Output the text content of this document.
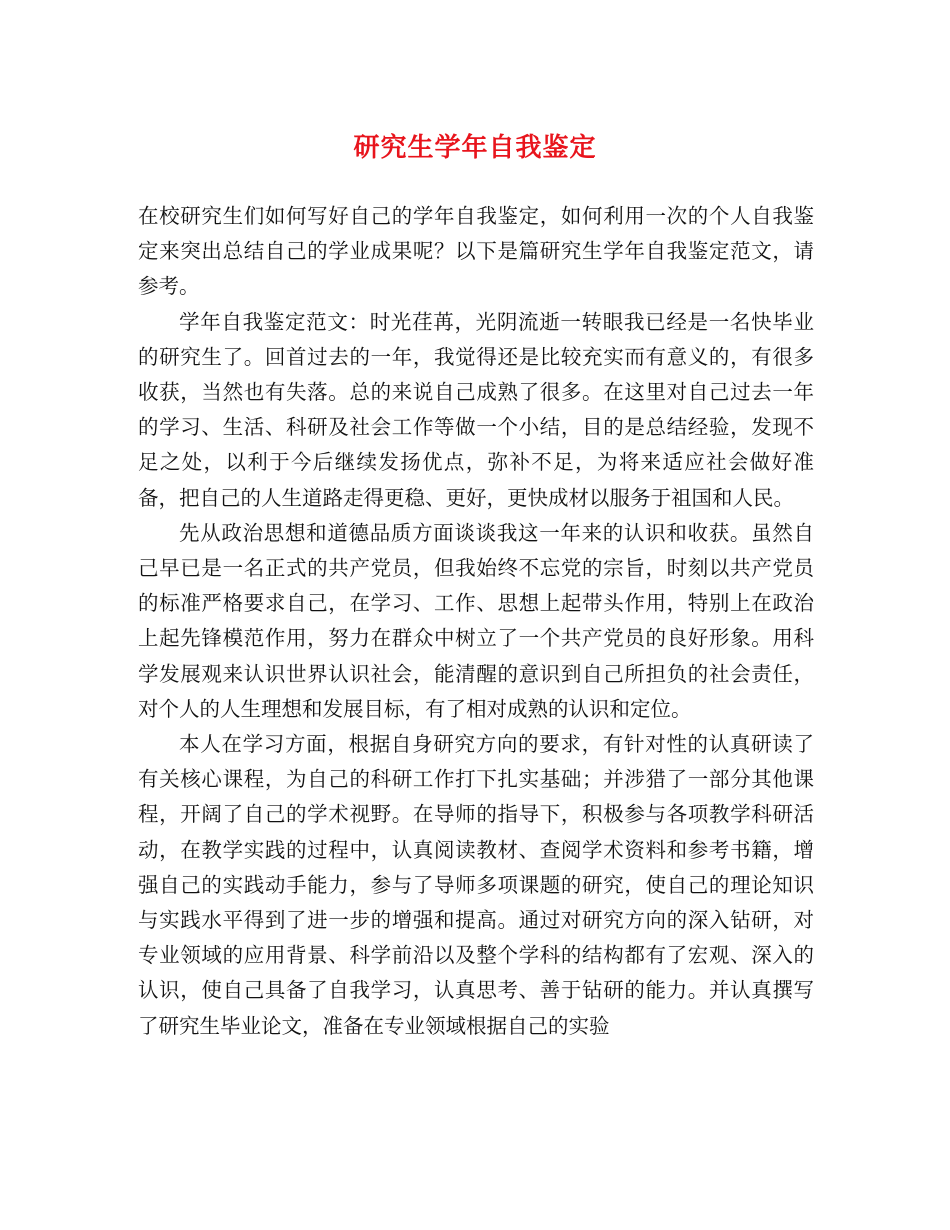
研究生学年自我鉴定

在校研究生们如何写好自己的学年自我鉴定，如何利用一次的个人自我鉴定来突出总结自己的学业成果呢？以下是篇研究生学年自我鉴定范文，请参考。

学年自我鉴定范文：时光荏苒，光阴流逝一转眼我已经是一名快毕业的研究生了。回首过去的一年，我觉得还是比较充实而有意义的，有很多收获，当然也有失落。总的来说自己成熟了很多。在这里对自己过去一年的学习、生活、科研及社会工作等做一个小结，目的是总结经验，发现不足之处，以利于今后继续发扬优点，弥补不足，为将来适应社会做好准备，把自己的人生道路走得更稳、更好，更快成材以服务于祖国和人民。

先从政治思想和道德品质方面谈谈我这一年来的认识和收获。虽然自己早已是一名正式的共产党员，但我始终不忘党的宗旨，时刻以共产党员的标准严格要求自己，在学习、工作、思想上起带头作用，特别上在政治上起先锋模范作用，努力在群众中树立了一个共产党员的良好形象。用科学发展观来认识世界认识社会，能清醒的意识到自己所担负的社会责任，对个人的人生理想和发展目标，有了相对成熟的认识和定位。

本人在学习方面，根据自身研究方向的要求，有针对性的认真研读了有关核心课程，为自己的科研工作打下扎实基础；并涉猎了一部分其他课程，开阔了自己的学术视野。在导师的指导下，积极参与各项教学科研活动，在教学实践的过程中，认真阅读教材、查阅学术资料和参考书籍，增强自己的实践动手能力，参与了导师多项课题的研究，使自己的理论知识与实践水平得到了进一步的增强和提高。通过对研究方向的深入钻研，对专业领域的应用背景、科学前沿以及整个学科的结构都有了宏观、深入的认识，使自己具备了自我学习，认真思考、善于钻研的能力。并认真撰写了研究生毕业论文，准备在专业领域根据自己的实验
